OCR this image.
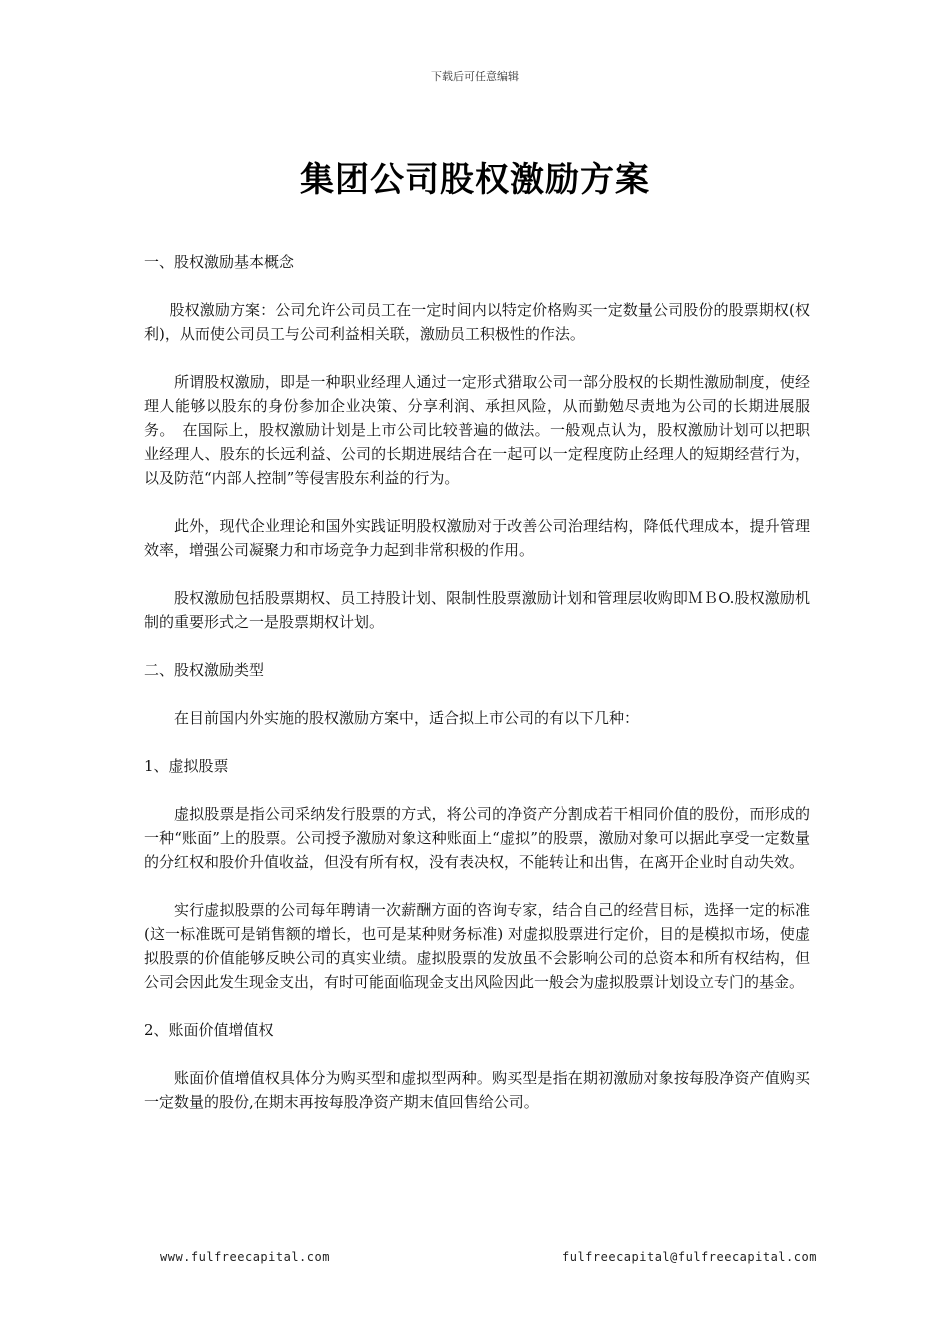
下载后可任意编辑
集团公司股权激励方案

一、股权激励基本概念

股权激励方案：公司允许公司员工在一定时间内以特定价格购买一定数量公司股份的股票期权(权利)，从而使公司员工与公司利益相关联，激励员工积极性的作法。

所谓股权激励，即是一种职业经理人通过一定形式猎取公司一部分股权的长期性激励制度，使经理人能够以股东的身份参加企业决策、分享利润、承担风险，从而勤勉尽责地为公司的长期进展服务。　在国际上，股权激励计划是上市公司比较普遍的做法。一般观点认为，股权激励计划可以把职业经理人、股东的长远利益、公司的长期进展结合在一起可以一定程度防止经理人的短期经营行为，以及防范“内部人控制”等侵害股东利益的行为。

此外，现代企业理论和国外实践证明股权激励对于改善公司治理结构，降低代理成本，提升管理效率，增强公司凝聚力和市场竞争力起到非常积极的作用。

股权激励包括股票期权、员工持股计划、限制性股票激励计划和管理层收购即ＭＢO.股权激励机制的重要形式之一是股票期权计划。

二、股权激励类型

在目前国内外实施的股权激励方案中，适合拟上市公司的有以下几种：

1、虚拟股票

虚拟股票是指公司采纳发行股票的方式，将公司的净资产分割成若干相同价值的股份，而形成的一种“账面”上的股票。公司授予激励对象这种账面上“虚拟”的股票，激励对象可以据此享受一定数量的分红权和股价升值收益，但没有所有权，没有表决权，不能转让和出售，在离开企业时自动失效。

实行虚拟股票的公司每年聘请一次薪酬方面的咨询专家，结合自己的经营目标，选择一定的标准(这一标准既可是销售额的增长，也可是某种财务标准) 对虚拟股票进行定价，目的是模拟市场，使虚拟股票的价值能够反映公司的真实业绩。虚拟股票的发放虽不会影响公司的总资本和所有权结构，但公司会因此发生现金支出，有时可能面临现金支出风险因此一般会为虚拟股票计划设立专门的基金。

2、账面价值增值权

账面价值增值权具体分为购买型和虚拟型两种。购买型是指在期初激励对象按每股净资产值购买一定数量的股份,在期末再按每股净资产期末值回售给公司。

www.fulfreecapital.com	fulfreecapital@fulfreecapital.com
